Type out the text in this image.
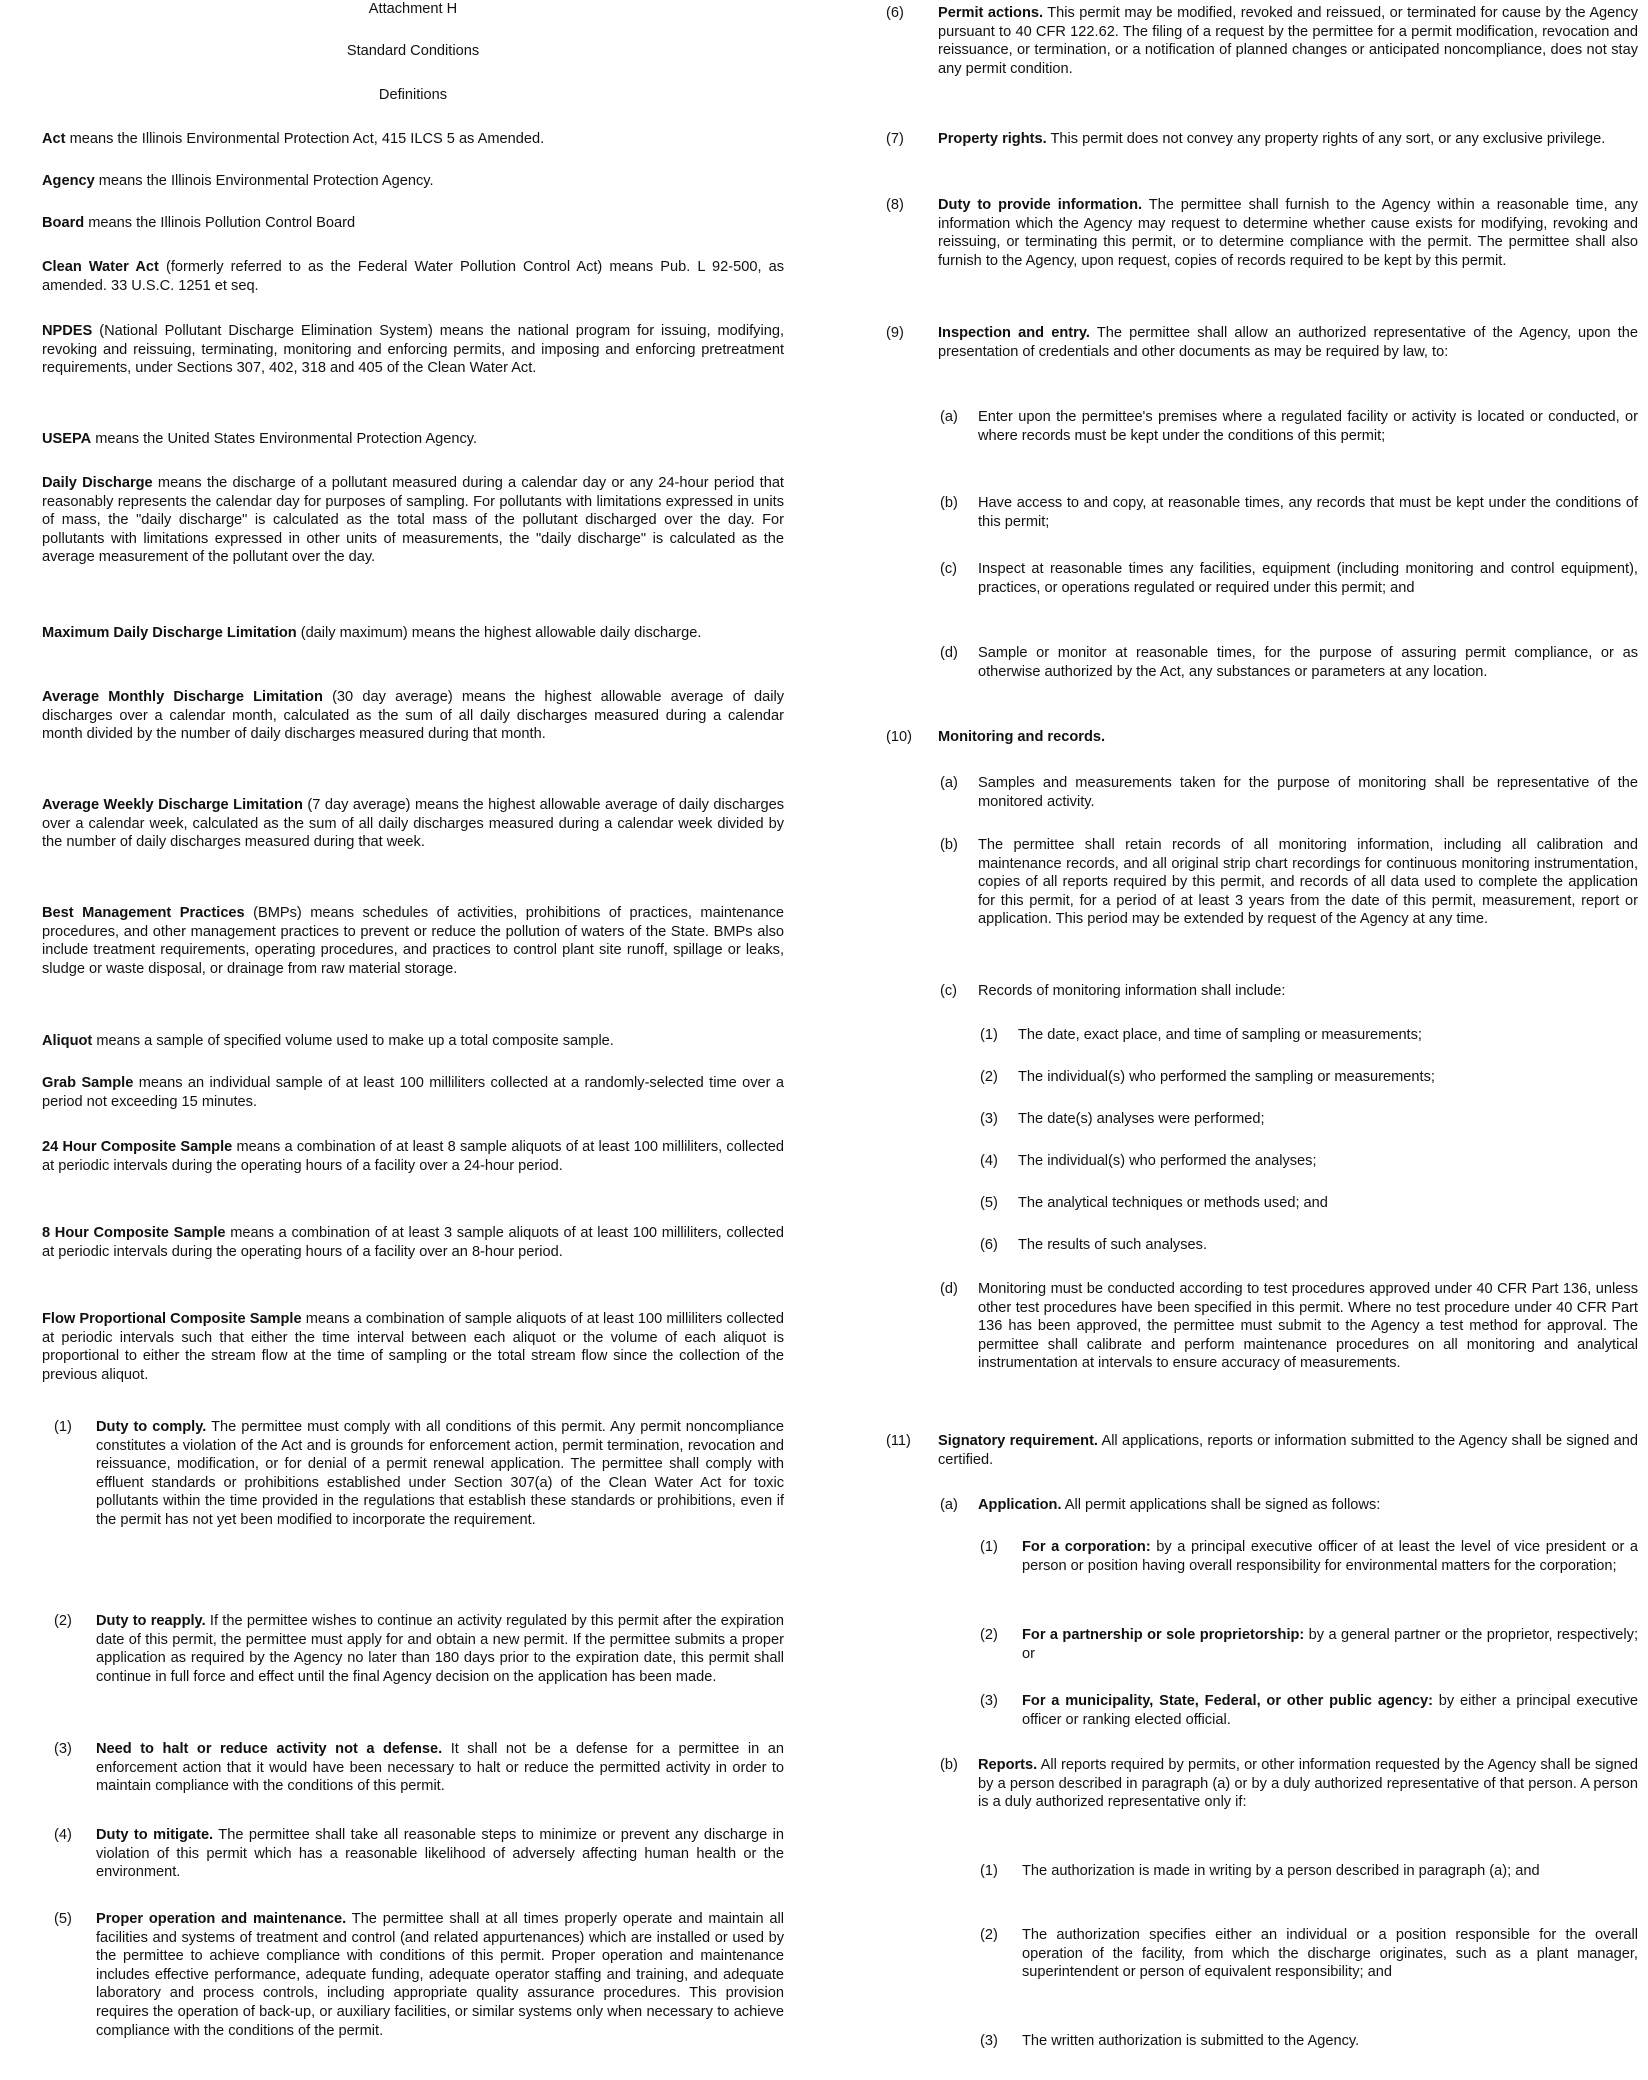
Attachment H

Standard Conditions

Definitions

Act means the Illinois Environmental Protection Act, 415 ILCS 5 as Amended.

Agency means the Illinois Environmental Protection Agency.

Board means the Illinois Pollution Control Board

Clean Water Act (formerly referred to as the Federal Water Pollution Control Act) means Pub. L 92-500, as amended. 33 U.S.C. 1251 et seq.

NPDES (National Pollutant Discharge Elimination System) means the national program for issuing, modifying, revoking and reissuing, terminating, monitoring and enforcing permits, and imposing and enforcing pretreatment requirements, under Sections 307, 402, 318 and 405 of the Clean Water Act.

USEPA means the United States Environmental Protection Agency.

Daily Discharge means the discharge of a pollutant measured during a calendar day or any 24-hour period that reasonably represents the calendar day for purposes of sampling. For pollutants with limitations expressed in units of mass, the "daily discharge" is calculated as the total mass of the pollutant discharged over the day. For pollutants with limitations expressed in other units of measurements, the "daily discharge" is calculated as the average measurement of the pollutant over the day.

Maximum Daily Discharge Limitation (daily maximum) means the highest allowable daily discharge.

Average Monthly Discharge Limitation (30 day average) means the highest allowable average of daily discharges over a calendar month, calculated as the sum of all daily discharges measured during a calendar month divided by the number of daily discharges measured during that month.

Average Weekly Discharge Limitation (7 day average) means the highest allowable average of daily discharges over a calendar week, calculated as the sum of all daily discharges measured during a calendar week divided by the number of daily discharges measured during that week.

Best Management Practices (BMPs) means schedules of activities, prohibitions of practices, maintenance procedures, and other management practices to prevent or reduce the pollution of waters of the State. BMPs also include treatment requirements, operating procedures, and practices to control plant site runoff, spillage or leaks, sludge or waste disposal, or drainage from raw material storage.

Aliquot means a sample of specified volume used to make up a total composite sample.

Grab Sample means an individual sample of at least 100 milliliters collected at a randomly-selected time over a period not exceeding 15 minutes.

24 Hour Composite Sample means a combination of at least 8 sample aliquots of at least 100 milliliters, collected at periodic intervals during the operating hours of a facility over a 24-hour period.

8 Hour Composite Sample means a combination of at least 3 sample aliquots of at least 100 milliliters, collected at periodic intervals during the operating hours of a facility over an 8-hour period.

Flow Proportional Composite Sample means a combination of sample aliquots of at least 100 milliliters collected at periodic intervals such that either the time interval between each aliquot or the volume of each aliquot is proportional to either the stream flow at the time of sampling or the total stream flow since the collection of the previous aliquot.

(1) Duty to comply. The permittee must comply with all conditions of this permit. Any permit noncompliance constitutes a violation of the Act and is grounds for enforcement action, permit termination, revocation and reissuance, modification, or for denial of a permit renewal application. The permittee shall comply with effluent standards or prohibitions established under Section 307(a) of the Clean Water Act for toxic pollutants within the time provided in the regulations that establish these standards or prohibitions, even if the permit has not yet been modified to incorporate the requirement.

(2) Duty to reapply. If the permittee wishes to continue an activity regulated by this permit after the expiration date of this permit, the permittee must apply for and obtain a new permit. If the permittee submits a proper application as required by the Agency no later than 180 days prior to the expiration date, this permit shall continue in full force and effect until the final Agency decision on the application has been made.

(3) Need to halt or reduce activity not a defense. It shall not be a defense for a permittee in an enforcement action that it would have been necessary to halt or reduce the permitted activity in order to maintain compliance with the conditions of this permit.

(4) Duty to mitigate. The permittee shall take all reasonable steps to minimize or prevent any discharge in violation of this permit which has a reasonable likelihood of adversely affecting human health or the environment.

(5) Proper operation and maintenance. The permittee shall at all times properly operate and maintain all facilities and systems of treatment and control (and related appurtenances) which are installed or used by the permittee to achieve compliance with conditions of this permit. Proper operation and maintenance includes effective performance, adequate funding, adequate operator staffing and training, and adequate laboratory and process controls, including appropriate quality assurance procedures. This provision requires the operation of back-up, or auxiliary facilities, or similar systems only when necessary to achieve compliance with the conditions of the permit.

(6) Permit actions. This permit may be modified, revoked and reissued, or terminated for cause by the Agency pursuant to 40 CFR 122.62. The filing of a request by the permittee for a permit modification, revocation and reissuance, or termination, or a notification of planned changes or anticipated noncompliance, does not stay any permit condition.

(7) Property rights. This permit does not convey any property rights of any sort, or any exclusive privilege.

(8) Duty to provide information. The permittee shall furnish to the Agency within a reasonable time, any information which the Agency may request to determine whether cause exists for modifying, revoking and reissuing, or terminating this permit, or to determine compliance with the permit. The permittee shall also furnish to the Agency, upon request, copies of records required to be kept by this permit.

(9) Inspection and entry. The permittee shall allow an authorized representative of the Agency, upon the presentation of credentials and other documents as may be required by law, to:

(a) Enter upon the permittee's premises where a regulated facility or activity is located or conducted, or where records must be kept under the conditions of this permit;

(b) Have access to and copy, at reasonable times, any records that must be kept under the conditions of this permit;

(c) Inspect at reasonable times any facilities, equipment (including monitoring and control equipment), practices, or operations regulated or required under this permit; and

(d) Sample or monitor at reasonable times, for the purpose of assuring permit compliance, or as otherwise authorized by the Act, any substances or parameters at any location.

(10) Monitoring and records.

(a) Samples and measurements taken for the purpose of monitoring shall be representative of the monitored activity.

(b) The permittee shall retain records of all monitoring information, including all calibration and maintenance records, and all original strip chart recordings for continuous monitoring instrumentation, copies of all reports required by this permit, and records of all data used to complete the application for this permit, for a period of at least 3 years from the date of this permit, measurement, report or application. This period may be extended by request of the Agency at any time.

(c) Records of monitoring information shall include:

(1) The date, exact place, and time of sampling or measurements;

(2) The individual(s) who performed the sampling or measurements;

(3) The date(s) analyses were performed;

(4) The individual(s) who performed the analyses;

(5) The analytical techniques or methods used; and

(6) The results of such analyses.

(d) Monitoring must be conducted according to test procedures approved under 40 CFR Part 136, unless other test procedures have been specified in this permit. Where no test procedure under 40 CFR Part 136 has been approved, the permittee must submit to the Agency a test method for approval. The permittee shall calibrate and perform maintenance procedures on all monitoring and analytical instrumentation at intervals to ensure accuracy of measurements.

(11) Signatory requirement. All applications, reports or information submitted to the Agency shall be signed and certified.

(a) Application. All permit applications shall be signed as follows:

(1) For a corporation: by a principal executive officer of at least the level of vice president or a person or position having overall responsibility for environmental matters for the corporation;

(2) For a partnership or sole proprietorship: by a general partner or the proprietor, respectively; or

(3) For a municipality, State, Federal, or other public agency: by either a principal executive officer or ranking elected official.

(b) Reports. All reports required by permits, or other information requested by the Agency shall be signed by a person described in paragraph (a) or by a duly authorized representative of that person. A person is a duly authorized representative only if:

(1) The authorization is made in writing by a person described in paragraph (a); and

(2) The authorization specifies either an individual or a position responsible for the overall operation of the facility, from which the discharge originates, such as a plant manager, superintendent or person of equivalent responsibility; and

(3) The written authorization is submitted to the Agency.
